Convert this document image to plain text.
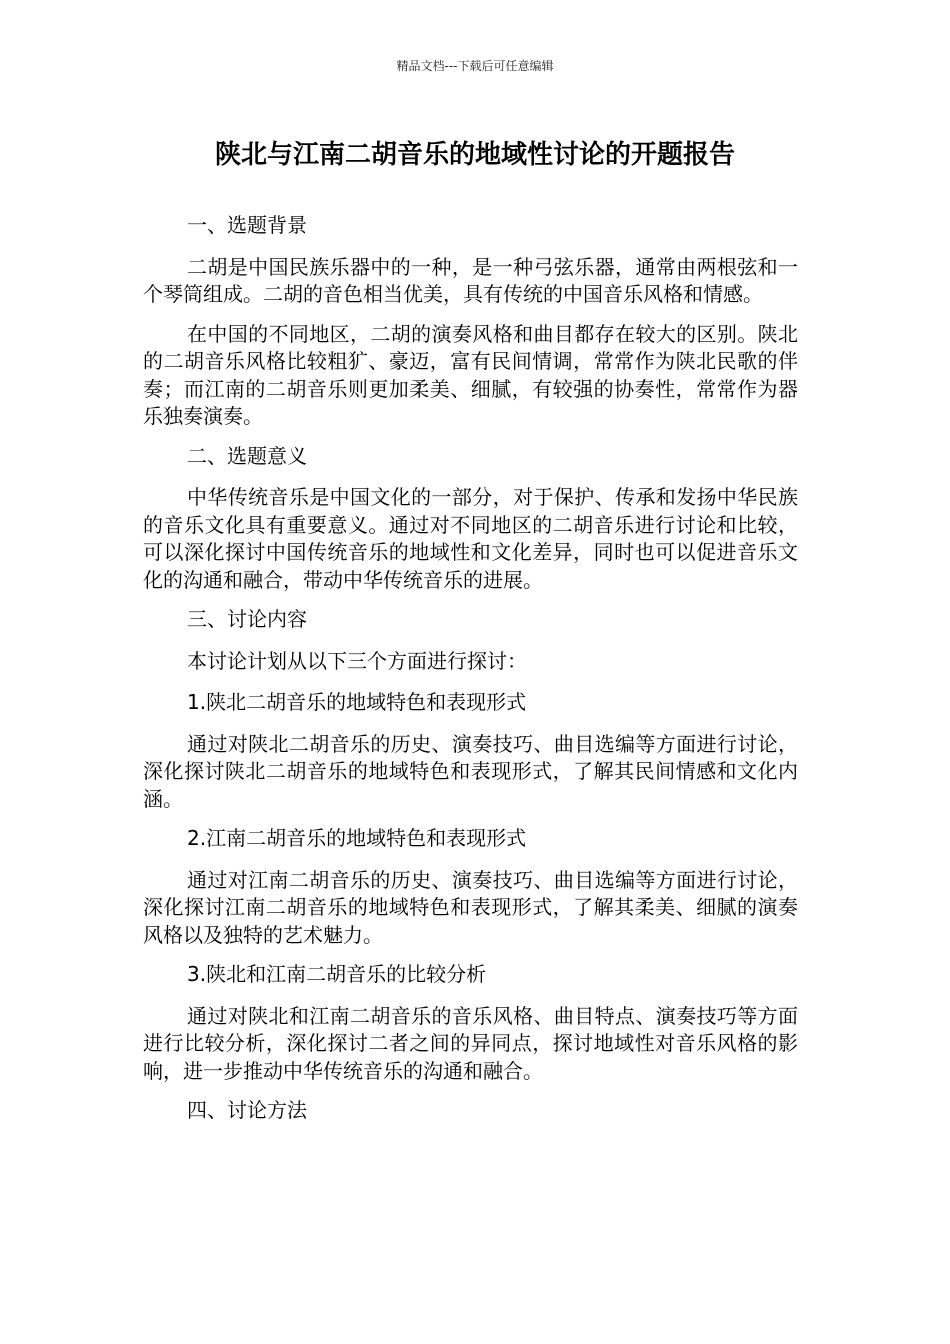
精品文档---下载后可任意编辑
陕北与江南二胡音乐的地域性讨论的开题报告

一、选题背景

二胡是中国民族乐器中的一种，是一种弓弦乐器，通常由两根弦和一个琴筒组成。二胡的音色相当优美，具有传统的中国音乐风格和情感。

在中国的不同地区，二胡的演奏风格和曲目都存在较大的区别。陕北的二胡音乐风格比较粗犷、豪迈，富有民间情调，常常作为陕北民歌的伴奏；而江南的二胡音乐则更加柔美、细腻，有较强的协奏性，常常作为器乐独奏演奏。

二、选题意义

中华传统音乐是中国文化的一部分，对于保护、传承和发扬中华民族的音乐文化具有重要意义。通过对不同地区的二胡音乐进行讨论和比较，可以深化探讨中国传统音乐的地域性和文化差异，同时也可以促进音乐文化的沟通和融合，带动中华传统音乐的进展。

三、讨论内容

本讨论计划从以下三个方面进行探讨：

1.陕北二胡音乐的地域特色和表现形式

通过对陕北二胡音乐的历史、演奏技巧、曲目选编等方面进行讨论，深化探讨陕北二胡音乐的地域特色和表现形式，了解其民间情感和文化内涵。

2.江南二胡音乐的地域特色和表现形式

通过对江南二胡音乐的历史、演奏技巧、曲目选编等方面进行讨论，深化探讨江南二胡音乐的地域特色和表现形式，了解其柔美、细腻的演奏风格以及独特的艺术魅力。

3.陕北和江南二胡音乐的比较分析

通过对陕北和江南二胡音乐的音乐风格、曲目特点、演奏技巧等方面进行比较分析，深化探讨二者之间的异同点，探讨地域性对音乐风格的影响，进一步推动中华传统音乐的沟通和融合。

四、讨论方法
